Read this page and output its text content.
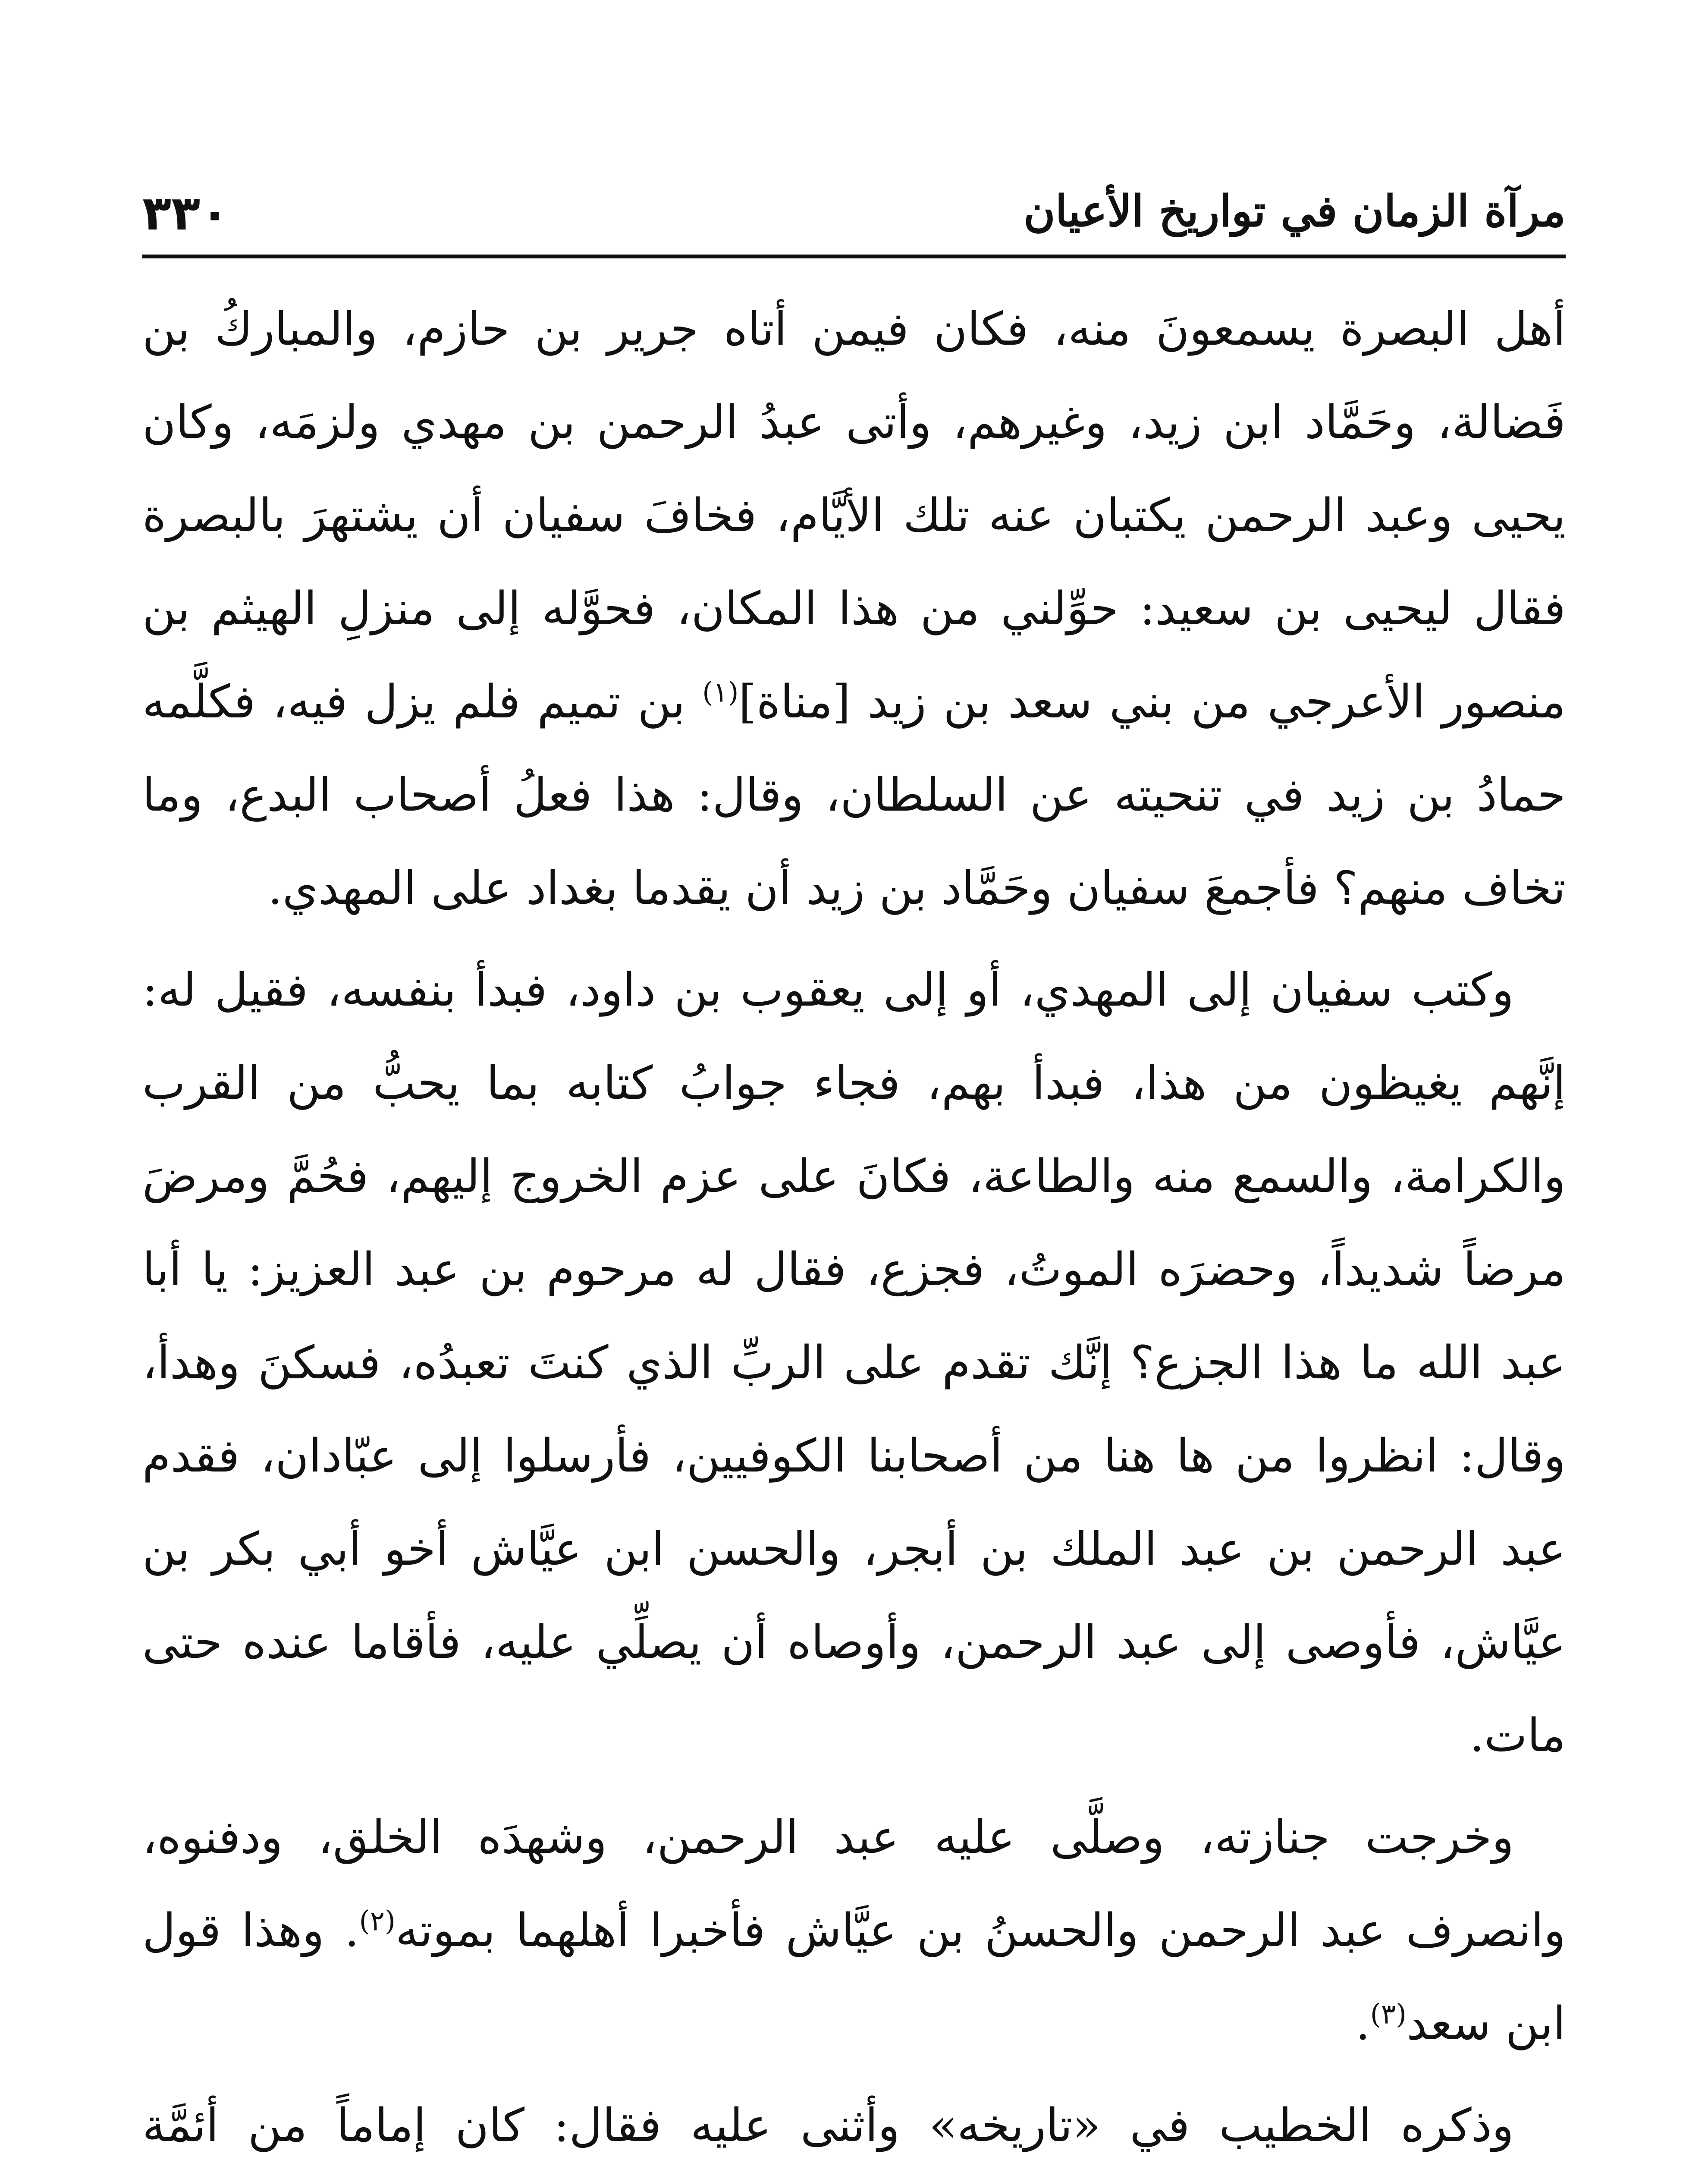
٣٣٠	مرآة الزمان في تواريخ الأعيان

أهل البصرة يسمعونَ منه، فكان فيمن أتاه جرير بن حازم، والمباركُ بن فَضالة، وحَمَّاد ابن زيد، وغيرهم، وأتى عبدُ الرحمن بن مهدي ولزمَه، وكان يحيى وعبد الرحمن يكتبان عنه تلك الأيَّام، فخافَ سفيان أن يشتهرَ بالبصرة فقال ليحيى بن سعيد: حوِّلني من هذا المكان، فحوَّله إلى منزلِ الهيثم بن منصور الأعرجي من بني سعد بن زيد [مناة]$^{(١)}$ بن تميم فلم يزل فيه، فكلَّمه حمادُ بن زيد في تنحيته عن السلطان، وقال: هذا فعلُ أصحاب البدع، وما تخاف منهم؟ فأجمعَ سفيان وحَمَّاد بن زيد أن يقدما بغداد على المهدي.

وكتب سفيان إلى المهدي، أو إلى يعقوب بن داود، فبدأ بنفسه، فقيل له: إنَّهم يغيظون من هذا، فبدأ بهم، فجاء جوابُ كتابه بما يحبُّ من القرب والكرامة، والسمع منه والطاعة، فكانَ على عزم الخروج إليهم، فحُمَّ ومرضَ مرضاً شديداً، وحضرَه الموتُ، فجزع، فقال له مرحوم بن عبد العزيز: يا أبا عبد الله ما هذا الجزع؟ إنَّك تقدم على الربِّ الذي كنتَ تعبدُه، فسكنَ وهدأ، وقال: انظروا من ها هنا من أصحابنا الكوفيين، فأرسلوا إلى عبّادان، فقدم عبد الرحمن بن عبد الملك بن أبجر، والحسن ابن عيَّاش أخو أبي بكر بن عيَّاش، فأوصى إلى عبد الرحمن، وأوصاه أن يصلِّي عليه، فأقاما عنده حتى مات.

وخرجت جنازته، وصلَّى عليه عبد الرحمن، وشهدَه الخلق، ودفنوه، وانصرف عبد الرحمن والحسنُ بن عيَّاش فأخبرا أهلهما بموته$^{(٢)}$. وهذا قول ابن سعد$^{(٣)}$.

وذكره الخطيب في «تاريخه» وأثنى عليه فقال: كان إماماً من أئمَّة
